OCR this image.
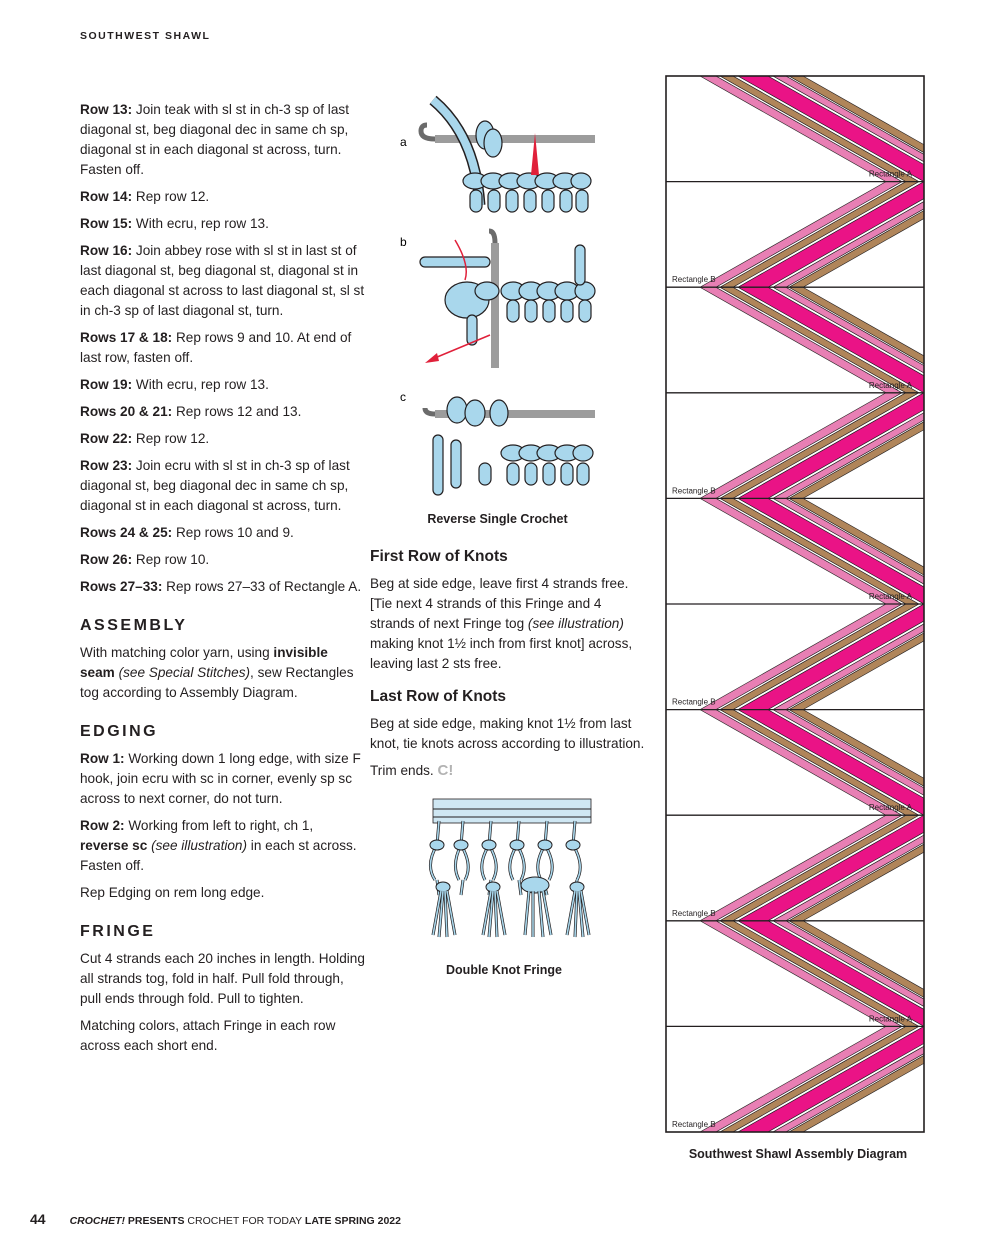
SOUTHWEST SHAWL

Row 13: Join teak with sl st in ch-3 sp of last diagonal st, beg diagonal dec in same ch sp, diagonal st in each diagonal st across, turn. Fasten off.

Row 14: Rep row 12.

Row 15: With ecru, rep row 13.

Row 16: Join abbey rose with sl st in last st of last diagonal st, beg diagonal st, diagonal st in each diagonal st across to last diagonal st, sl st in ch-3 sp of last diagonal st, turn.

Rows 17 & 18: Rep rows 9 and 10. At end of last row, fasten off.

Row 19: With ecru, rep row 13.

Rows 20 & 21: Rep rows 12 and 13.

Row 22: Rep row 12.

Row 23: Join ecru with sl st in ch-3 sp of last diagonal st, beg diagonal dec in same ch sp, diagonal st in each diagonal st across, turn.

Rows 24 & 25: Rep rows 10 and 9.

Row 26: Rep row 10.

Rows 27–33: Rep rows 27–33 of Rectangle A.

ASSEMBLY

With matching color yarn, using invisible seam (see Special Stitches), sew Rectangles tog according to Assembly Diagram.

EDGING

Row 1: Working down 1 long edge, with size F hook, join ecru with sc in corner, evenly sp sc across to next corner, do not turn.

Row 2: Working from left to right, ch 1, reverse sc (see illustration) in each st across. Fasten off.

Rep Edging on rem long edge.

FRINGE

Cut 4 strands each 20 inches in length. Holding all strands tog, fold in half. Pull fold through, pull ends through fold. Pull to tighten.

Matching colors, attach Fringe in each row across each short end.

a
b
c
Reverse Single Crochet
First Row of Knots

Beg at side edge, leave first 4 strands free. [Tie next 4 strands of this Fringe and 4 strands of next Fringe tog (see illustration) making knot 1½ inch from first knot] across, leaving last 2 sts free.

Last Row of Knots

Beg at side edge, making knot 1½ from last knot, tie knots across according to illustration.

Trim ends. C!

Double Knot Fringe
Rectangle A
Rectangle B
Rectangle A
Rectangle B
Rectangle A
Rectangle B
Rectangle A
Rectangle B
Rectangle A
Rectangle B
Southwest Shawl Assembly Diagram
44 CROCHET! PRESENTS CROCHET FOR TODAY LATE SPRING 2022
